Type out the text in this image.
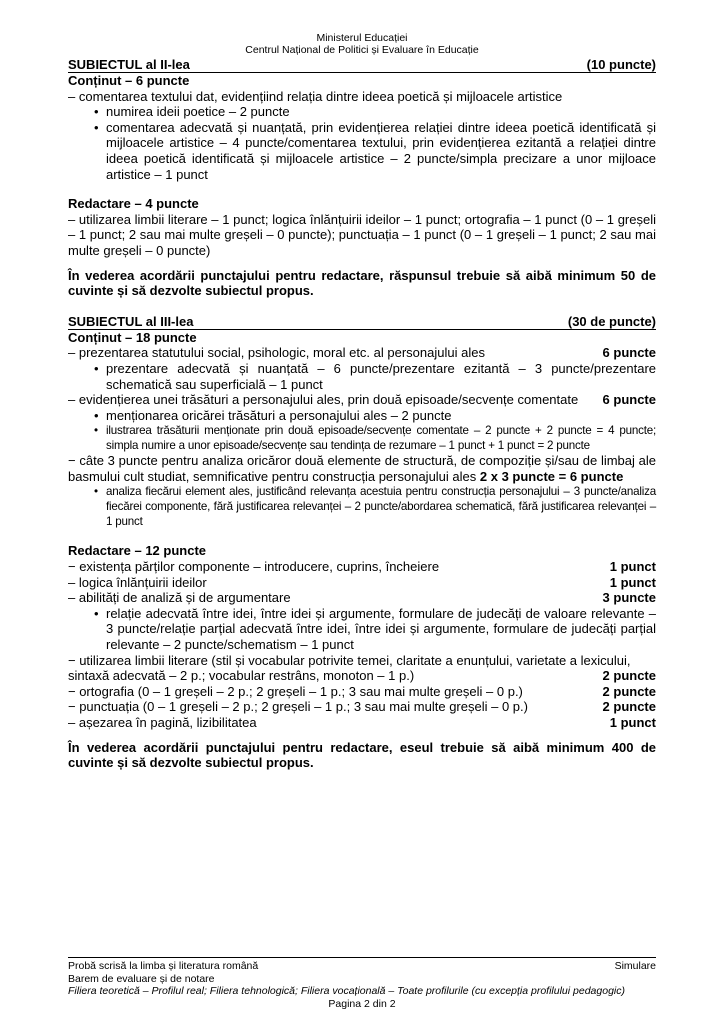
Ministerul Educației
Centrul Național de Politici și Evaluare în Educație
SUBIECTUL al II-lea	(10 puncte)
Conținut – 6 puncte
– comentarea textului dat, evidențiind relația dintre ideea poetică și mijloacele artistice
• numirea ideii poetice – 2 puncte
• comentarea adecvată și nuanțată, prin evidențierea relației dintre ideea poetică identificată și mijloacele artistice – 4 puncte/comentarea textului, prin evidențierea ezitantă a relației dintre ideea poetică identificată și mijloacele artistice – 2 puncte/simpla precizare a unor mijloace artistice – 1 punct
Redactare – 4 puncte
– utilizarea limbii literare – 1 punct; logica înlănțuirii ideilor – 1 punct; ortografia – 1 punct (0 – 1 greșeli – 1 punct; 2 sau mai multe greșeli – 0 puncte); punctuația – 1 punct (0 – 1 greșeli – 1 punct; 2 sau mai multe greșeli – 0 puncte)
În vederea acordării punctajului pentru redactare, răspunsul trebuie să aibă minimum 50 de cuvinte și să dezvolte subiectul propus.
SUBIECTUL al III-lea	(30 de puncte)
Conținut – 18 puncte
– prezentarea statutului social, psihologic, moral etc. al personajului ales	6 puncte
• prezentare adecvată și nuanțată – 6 puncte/prezentare ezitantă – 3 puncte/prezentare schematică sau superficială – 1 punct
– evidențierea unei trăsături a personajului ales, prin două episoade/secvențe comentate 6 puncte
• menționarea oricărei trăsături a personajului ales – 2 puncte
• ilustrarea trăsăturii menționate prin două episoade/secvențe comentate – 2 puncte + 2 puncte = 4 puncte; simpla numire a unor episoade/secvențe sau tendința de rezumare – 1 punct + 1 punct = 2 puncte
− câte 3 puncte pentru analiza oricăror două elemente de structură, de compoziție și/sau de limbaj ale basmului cult studiat, semnificative pentru construcția personajului ales 2 x 3 puncte = 6 puncte
• analiza fiecărui element ales, justificând relevanța acestuia pentru construcția personajului – 3 puncte/analiza fiecărei componente, fără justificarea relevanței – 2 puncte/abordarea schematică, fără justificarea relevanței – 1 punct
Redactare – 12 puncte
− existența părților componente – introducere, cuprins, încheiere	1 punct
– logica înlănțuirii ideilor	1 punct
– abilități de analiză și de argumentare	3 puncte
• relație adecvată între idei, între idei și argumente, formulare de judecăți de valoare relevante – 3 puncte/relație parțial adecvată între idei, între idei și argumente, formulare de judecăți parțial relevante – 2 puncte/schematism – 1 punct
− utilizarea limbii literare (stil și vocabular potrivite temei, claritate a enunțului, varietate a lexicului,
sintaxă adecvată – 2 p.; vocabular restrâns, monoton – 1 p.)	2 puncte
− ortografia (0 – 1 greșeli – 2 p.; 2 greșeli – 1 p.; 3 sau mai multe greșeli – 0 p.)	2 puncte
− punctuația (0 – 1 greșeli – 2 p.; 2 greșeli – 1 p.; 3 sau mai multe greșeli – 0 p.)	2 puncte
– așezarea în pagină, lizibilitatea	1 punct
În vederea acordării punctajului pentru redactare, eseul trebuie să aibă minimum 400 de cuvinte și să dezvolte subiectul propus.
Probă scrisă la limba și literatura română	Simulare
Barem de evaluare și de notare
Filiera teoretică – Profilul real; Filiera tehnologică; Filiera vocațională – Toate profilurile (cu excepția profilului pedagogic)
Pagina 2 din 2
